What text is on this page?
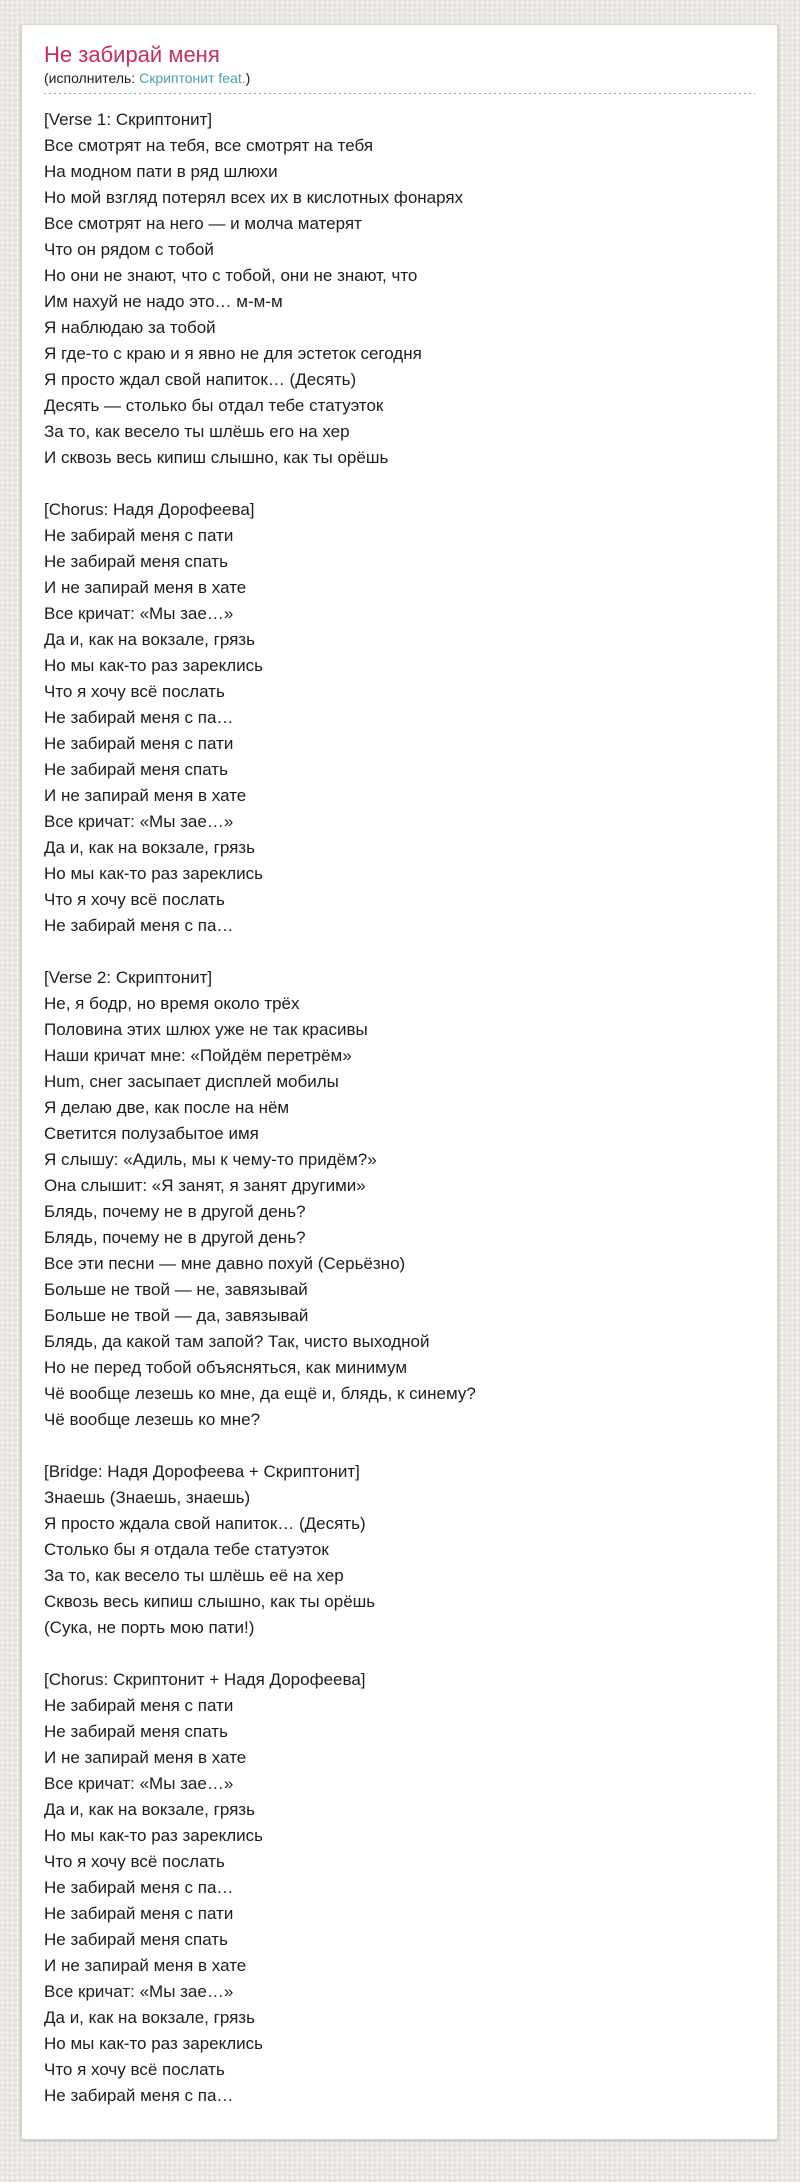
Не забирай меня

(исполнитель: Скриптонит feat.)

[Verse 1: Скриптонит]
Все смотрят на тебя, все смотрят на тебя
На модном пати в ряд шлюхи
Но мой взгляд потерял всех их в кислотных фонарях
Все смотрят на него — и молча матерят
Что он рядом с тобой
Но они не знают, что с тобой, они не знают, что
Им нахуй не надо это… м-м-м
Я наблюдаю за тобой
Я где-то с краю и я явно не для эстеток сегодня
Я просто ждал свой напиток… (Десять)
Десять — столько бы отдал тебе статуэток
За то, как весело ты шлёшь его на хер
И сквозь весь кипиш слышно, как ты орёшь
[Chorus: Надя Дорофеева]
Не забирай меня с пати
Не забирай меня спать
И не запирай меня в хате
Все кричат: «Мы зае…»
Да и, как на вокзале, грязь
Но мы как-то раз зареклись
Что я хочу всё послать
Не забирай меня с па…
Не забирай меня с пати
Не забирай меня спать
И не запирай меня в хате
Все кричат: «Мы зае…»
Да и, как на вокзале, грязь
Но мы как-то раз зареклись
Что я хочу всё послать
Не забирай меня с па…
[Verse 2: Скриптонит]
Не, я бодр, но время около трёх
Половина этих шлюх уже не так красивы
Наши кричат мне: «Пойдём перетрём»
Hum, снег засыпает дисплей мобилы
Я делаю две, как после на нём
Светится полузабытое имя
Я слышу: «Адиль, мы к чему-то придём?»
Она слышит: «Я занят, я занят другими»
Блядь, почему не в другой день?
Блядь, почему не в другой день?
Все эти песни — мне давно похуй (Серьёзно)
Больше не твой — не, завязывай
Больше не твой — да, завязывай
Блядь, да какой там запой? Так, чисто выходной
Но не перед тобой объясняться, как минимум
Чё вообще лезешь ко мне, да ещё и, блядь, к синему?
Чё вообще лезешь ко мне?
[Bridge: Надя Дорофеева + Скриптонит]
Знаешь (Знаешь, знаешь)
Я просто ждала свой напиток… (Десять)
Столько бы я отдала тебе статуэток
За то, как весело ты шлёшь её на хер
Сквозь весь кипиш слышно, как ты орёшь
(Сука, не порть мою пати!)
[Chorus: Скриптонит + Надя Дорофеева]
Не забирай меня с пати
Не забирай меня спать
И не запирай меня в хате
Все кричат: «Мы зае…»
Да и, как на вокзале, грязь
Но мы как-то раз зареклись
Что я хочу всё послать
Не забирай меня с па…
Не забирай меня с пати
Не забирай меня спать
И не запирай меня в хате
Все кричат: «Мы зае…»
Да и, как на вокзале, грязь
Но мы как-то раз зареклись
Что я хочу всё послать
Не забирай меня с па…
